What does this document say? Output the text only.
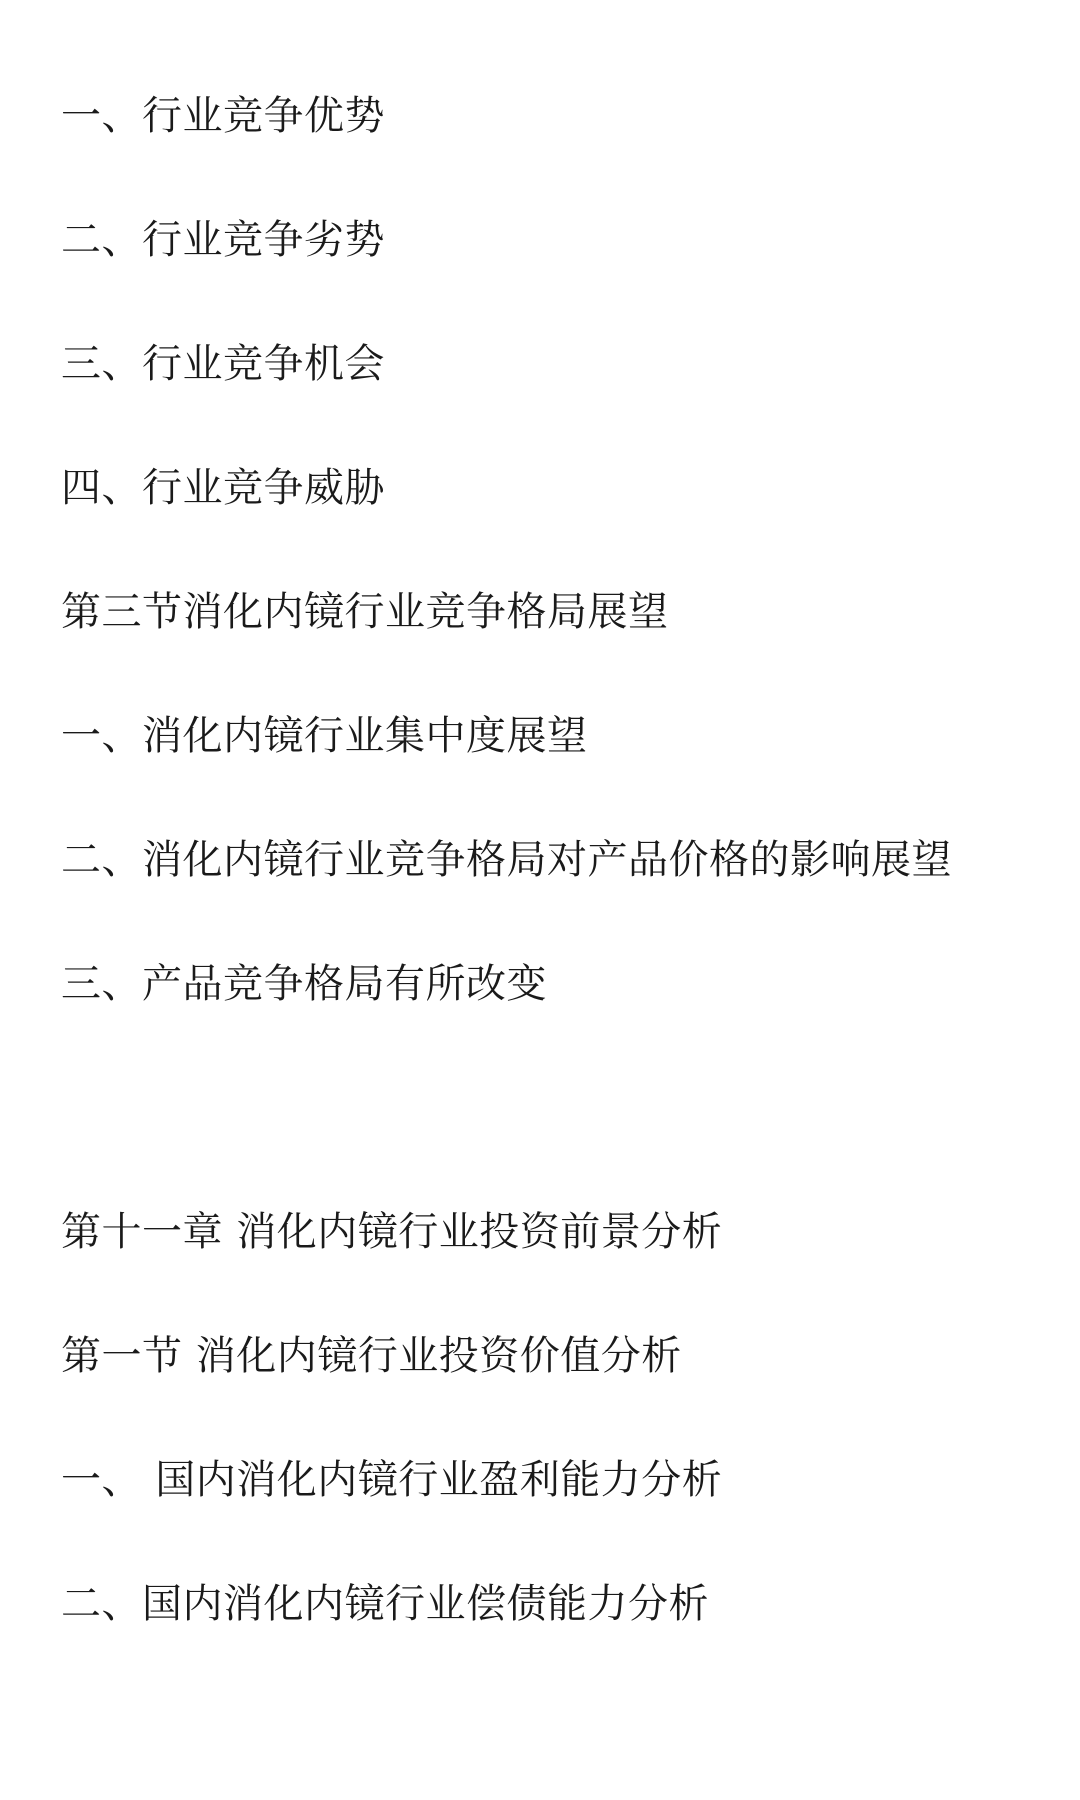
一、行业竞争优势
二、行业竞争劣势
三、行业竞争机会
四、行业竞争威胁
第三节消化内镜行业竞争格局展望
一、消化内镜行业集中度展望
二、消化内镜行业竞争格局对产品价格的影响展望
三、产品竞争格局有所改变
第十一章 消化内镜行业投资前景分析
第一节 消化内镜行业投资价值分析
一、 国内消化内镜行业盈利能力分析
二、国内消化内镜行业偿债能力分析
